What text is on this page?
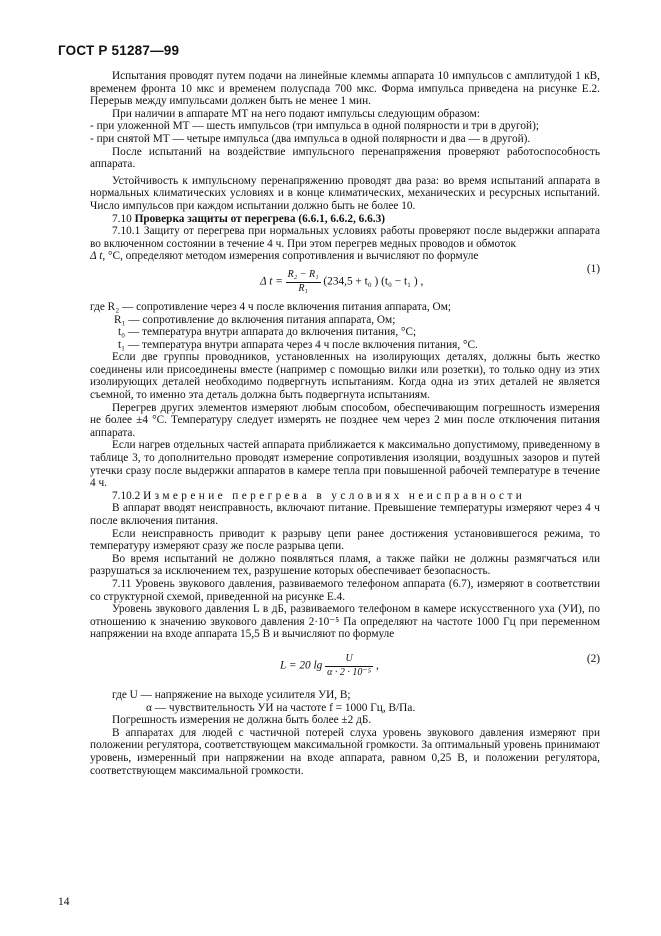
ГОСТ Р 51287—99

Испытания проводят путем подачи на линейные клеммы аппарата 10 импульсов с амплитудой 1 кВ, временем фронта 10 мкс и временем полуспада 700 мкс. Форма импульса приведена на рисунке Е.2. Перерыв между импульсами должен быть не менее 1 мин.

При наличии в аппарате МТ на него подают импульсы следующим образом:

- при уложенной МТ — шесть импульсов (три импульса в одной полярности и три в другой);

- при снятой МТ — четыре импульса (два импульса в одной полярности и два — в другой).

После испытаний на воздействие импульсного перенапряжения проверяют работоспособность аппарата.

Устойчивость к импульсному перенапряжению проводят два раза: во время испытаний аппарата в нормальных климатических условиях и в конце климатических, механических и ресурсных испытаний. Число импульсов при каждом испытании должно быть не более 10.

7.10 Проверка защиты от перегрева (6.6.1, 6.6.2, 6.6.3)

7.10.1 Защиту от перегрева при нормальных условиях работы проверяют после выдержки аппарата во включенном состоянии в течение 4 ч. При этом перегрев медных проводов и обмоток

Δ t, °С, определяют методом измерения сопротивления и вычисляют по формуле

Δ $t = \frac{\text{R₂ − R₁}}{\text{R₁}} (234,5 + t_0$ ) (t₀ − t₁ ) ,
(1)
где R₂ — сопротивление через 4 ч после включения питания аппарата, Ом;
R₁ — сопротивление до включения питания аппарата, Ом;
t₀ — температура внутри аппарата до включения питания, °С;
t₁ — температура внутри аппарата через 4 ч после включения питания, °С.

Если две группы проводников, установленных на изолирующих деталях, должны быть жестко соединены или присоединены вместе (например с помощью вилки или розетки), то только одну из этих изолирующих деталей необходимо подвергнуть испытаниям. Когда одна из этих деталей не является съемной, то именно эта деталь должна быть подвергнута испытаниям.

Перегрев других элементов измеряют любым способом, обеспечивающим погрешность измерения не более ±4 °С. Температуру следует измерять не позднее чем через 2 мин после отключения питания аппарата.

Если нагрев отдельных частей аппарата приближается к максимально допустимому, приведенному в таблице 3, то дополнительно проводят измерение сопротивления изоляции, воздушных зазоров и путей утечки сразу после выдержки аппаратов в камере тепла при повышенной рабочей температуре в течение 4 ч.

7.10.2 Измерение перегрева в условиях неисправности

В аппарат вводят неисправность, включают питание. Превышение температуры измеряют через 4 ч после включения питания.

Если неисправность приводит к разрыву цепи ранее достижения установившегося режима, то температуру измеряют сразу же после разрыва цепи.

Во время испытаний не должно появляться пламя, а также пайки не должны размягчаться или разрушаться за исключением тех, разрушение которых обеспечивает безопасность.

7.11 Уровень звукового давления, развиваемого телефоном аппарата (6.7), измеряют в соответствии со структурной схемой, приведенной на рисунке Е.4.

Уровень звукового давления L в дБ, развиваемого телефоном в камере искусственного уха (УИ), по отношению к значению звукового давления 2·10⁻⁵ Па определяют на частоте 1000 Гц при переменном напряжении на входе аппарата 15,5 В и вычисляют по формуле

L = 20 $\lg \frac{U}{\text{α · 2 · 10⁻⁵}}$ ,
(2)
где U — напряжение на выходе усилителя УИ, В;
α — чувствительность УИ на частоте f = 1000 Гц, В/Па.

Погрешность измерения не должна быть более ±2 дБ.

В аппаратах для людей с частичной потерей слуха уровень звукового давления измеряют при положении регулятора, соответствующем максимальной громкости. За оптимальный уровень принимают уровень, измеренный при напряжении на входе аппарата, равном 0,25 В, и положении регулятора, соответствующем максимальной громкости.

14
